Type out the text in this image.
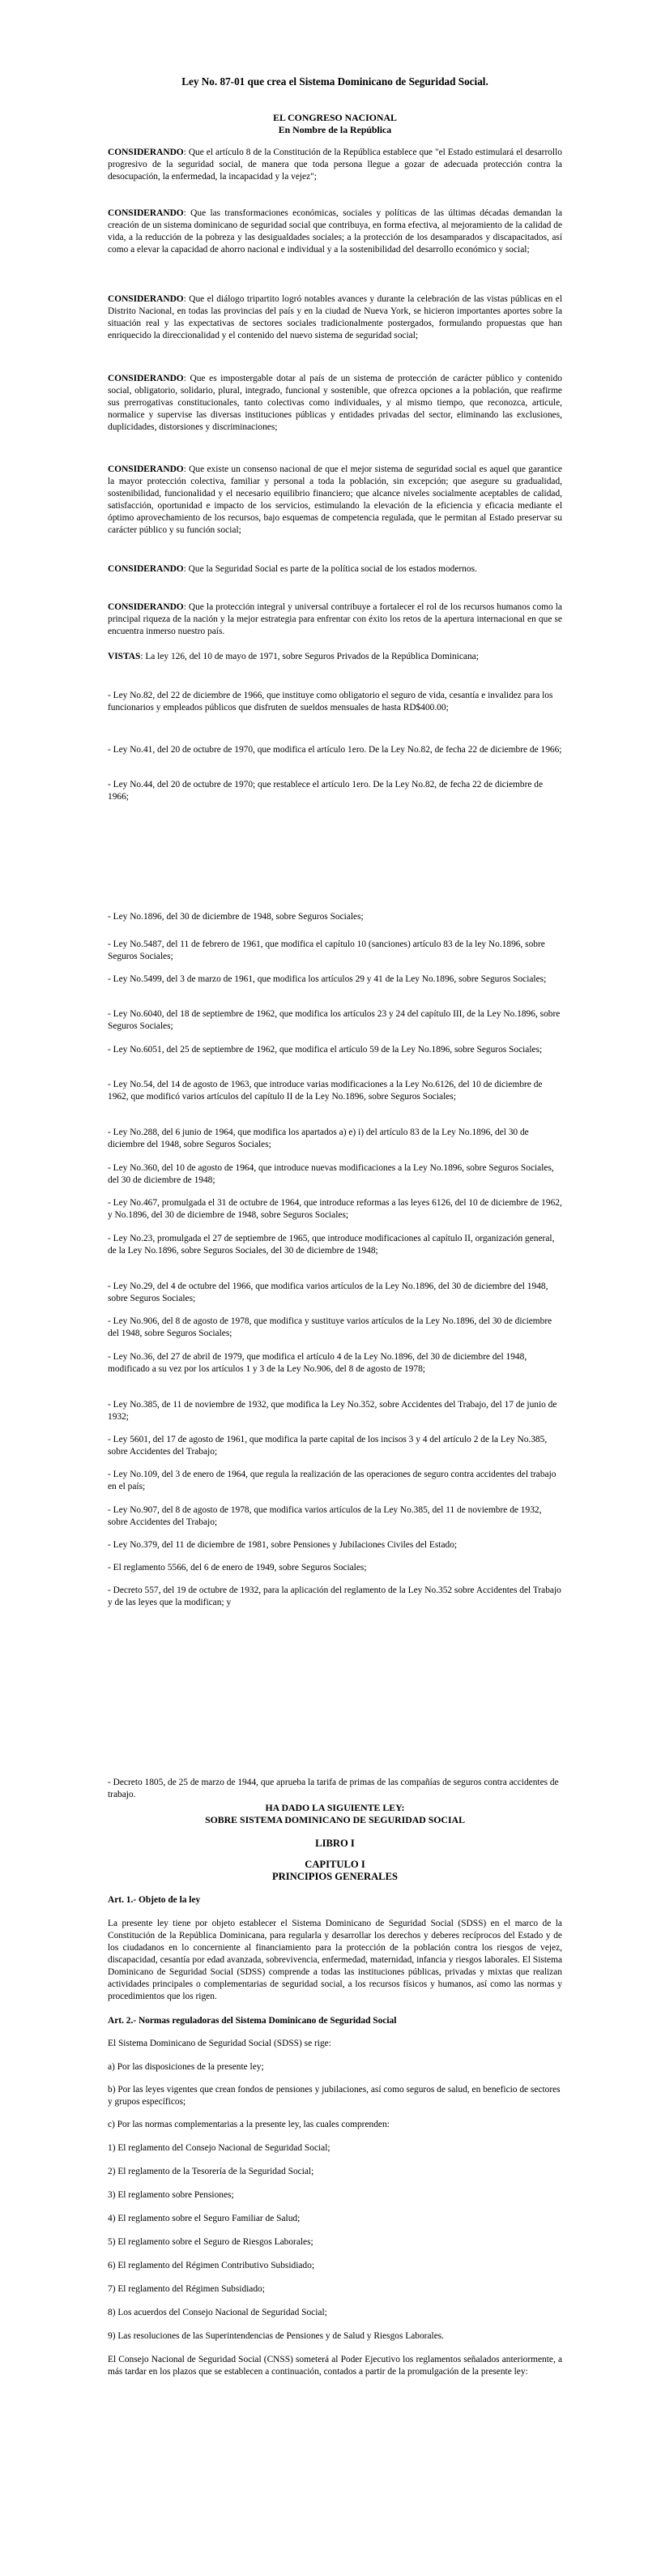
Ley No. 87-01 que crea el Sistema Dominicano de Seguridad Social.
EL CONGRESO NACIONAL
En Nombre de la República
CONSIDERANDO: Que el artículo 8 de la Constitución de la República establece que "el Estado estimulará el desarrollo progresivo de la seguridad social, de manera que toda persona llegue a gozar de adecuada protección contra la desocupación, la enfermedad, la incapacidad y la vejez";
CONSIDERANDO: Que las transformaciones económicas, sociales y políticas de las últimas décadas demandan la creación de un sistema dominicano de seguridad social que contribuya, en forma efectiva, al mejoramiento de la calidad de vida, a la reducción de la pobreza y las desigualdades sociales; a la protección de los desamparados y discapacitados, así como a elevar la capacidad de ahorro nacional e individual y a la sostenibilidad del desarrollo económico y social;
CONSIDERANDO: Que el diálogo tripartito logró notables avances y durante la celebración de las vistas públicas en el Distrito Nacional, en todas las provincias del país y en la ciudad de Nueva York, se hicieron importantes aportes sobre la situación real y las expectativas de sectores sociales tradicionalmente postergados, formulando propuestas que han enriquecido la direccionalidad y el contenido del nuevo sistema de seguridad social;
CONSIDERANDO: Que es impostergable dotar al país de un sistema de protección de carácter público y contenido social, obligatorio, solidario, plural, integrado, funcional y sostenible, que ofrezca opciones a la población, que reafirme sus prerrogativas constitucionales, tanto colectivas como individuales, y al mismo tiempo, que reconozca, articule, normalice y supervise las diversas instituciones públicas y entidades privadas del sector, eliminando las exclusiones, duplicidades, distorsiones y discriminaciones;
CONSIDERANDO: Que existe un consenso nacional de que el mejor sistema de seguridad social es aquel que garantice la mayor protección colectiva, familiar y personal a toda la población, sin excepción; que asegure su gradualidad, sostenibilidad, funcionalidad y el necesario equilibrio financiero; que alcance niveles socialmente aceptables de calidad, satisfacción, oportunidad e impacto de los servicios, estimulando la elevación de la eficiencia y eficacia mediante el óptimo aprovechamiento de los recursos, bajo esquemas de competencia regulada, que le permitan al Estado preservar su carácter público y su función social;
CONSIDERANDO: Que la Seguridad Social es parte de la política social de los estados modernos.
CONSIDERANDO: Que la protección integral y universal contribuye a fortalecer el rol de los recursos humanos como la principal riqueza de la nación y la mejor estrategia para enfrentar con éxito los retos de la apertura internacional en que se encuentra inmerso nuestro país.
VISTAS: La ley 126, del 10 de mayo de 1971, sobre Seguros Privados de la República Dominicana;
- Ley No.82, del 22 de diciembre de 1966, que instituye como obligatorio el seguro de vida, cesantía e invalidez para los funcionarios y empleados públicos que disfruten de sueldos mensuales de hasta RD$400.00;
- Ley No.41, del 20 de octubre de 1970, que modifica el artículo 1ero. De la Ley No.82, de fecha 22 de diciembre de 1966;
- Ley No.44, del 20 de octubre de 1970; que restablece el artículo 1ero. De la Ley No.82, de fecha 22 de diciembre de 1966;
- Ley No.1896, del 30 de diciembre de 1948, sobre Seguros Sociales;
- Ley No.5487, del 11 de febrero de 1961, que modifica el capítulo 10 (sanciones) artículo 83 de la ley No.1896, sobre Seguros Sociales;
- Ley No.5499, del 3 de marzo de 1961, que modifica los artículos 29 y 41 de la Ley No.1896, sobre Seguros Sociales;
- Ley No.6040, del 18 de septiembre de 1962, que modifica los artículos 23 y 24 del capítulo III, de la Ley No.1896, sobre Seguros Sociales;
- Ley No.6051, del 25 de septiembre de 1962, que modifica el artículo 59 de la Ley No.1896, sobre Seguros Sociales;
- Ley No.54, del 14 de agosto de 1963, que introduce varias modificaciones a la Ley No.6126, del 10 de diciembre de 1962, que modificó varios artículos del capítulo II de la Ley No.1896, sobre Seguros Sociales;
- Ley No.288, del 6 junio de 1964, que modifica los apartados a) e) i) del artículo 83 de la Ley No.1896, del 30 de diciembre del 1948, sobre Seguros Sociales;
- Ley No.360, del 10 de agosto de 1964, que introduce nuevas modificaciones a la Ley No.1896, sobre Seguros Sociales, del 30 de diciembre de 1948;
- Ley No.467, promulgada el 31 de octubre de 1964, que introduce reformas a las leyes 6126, del 10 de diciembre de 1962, y No.1896, del 30 de diciembre de 1948, sobre Seguros Sociales;
- Ley No.23, promulgada el 27 de septiembre de 1965, que introduce modificaciones al capítulo II, organización general, de la Ley No.1896, sobre Seguros Sociales, del 30 de diciembre de 1948;
- Ley No.29, del 4 de octubre del 1966, que modifica varios artículos de la Ley No.1896, del 30 de diciembre del 1948, sobre Seguros Sociales;
- Ley No.906, del 8 de agosto de 1978, que modifica y sustituye varios artículos de la Ley No.1896, del 30 de diciembre del 1948, sobre Seguros Sociales;
- Ley No.36, del 27 de abril de 1979, que modifica el artículo 4 de la Ley No.1896, del 30 de diciembre del 1948, modificado a su vez por los artículos 1 y 3 de la Ley No.906, del 8 de agosto de 1978;
- Ley No.385, de 11 de noviembre de 1932, que modifica la Ley No.352, sobre Accidentes del Trabajo, del 17 de junio de 1932;
- Ley 5601, del 17 de agosto de 1961, que modifica la parte capital de los incisos 3 y 4 del artículo 2 de la Ley No.385, sobre Accidentes del Trabajo;
- Ley No.109, del 3 de enero de 1964, que regula la realización de las operaciones de seguro contra accidentes del trabajo en el país;
- Ley No.907, del 8 de agosto de 1978, que modifica varios artículos de la Ley No.385, del 11 de noviembre de 1932, sobre Accidentes del Trabajo;
- Ley No.379, del 11 de diciembre de 1981, sobre Pensiones y Jubilaciones Civiles del Estado;
- El reglamento 5566, del 6 de enero de 1949, sobre Seguros Sociales;
- Decreto 557, del 19 de octubre de 1932, para la aplicación del reglamento de la Ley No.352 sobre Accidentes del Trabajo y de las leyes que la modifican; y
- Decreto 1805, de 25 de marzo de 1944, que aprueba la tarifa de primas de las compañías de seguros contra accidentes de trabajo.
HA DADO LA SIGUIENTE LEY:
SOBRE SISTEMA DOMINICANO DE SEGURIDAD SOCIAL
LIBRO I
CAPITULO I
PRINCIPIOS GENERALES
Art. 1.- Objeto de la ley
La presente ley tiene por objeto establecer el Sistema Dominicano de Seguridad Social (SDSS) en el marco de la Constitución de la República Dominicana, para regularla y desarrollar los derechos y deberes recíprocos del Estado y de los ciudadanos en lo concerniente al financiamiento para la protección de la población contra los riesgos de vejez, discapacidad, cesantía por edad avanzada, sobrevivencia, enfermedad, maternidad, infancia y riesgos laborales. El Sistema Dominicano de Seguridad Social (SDSS) comprende a todas las instituciones públicas, privadas y mixtas que realizan actividades principales o complementarias de seguridad social, a los recursos físicos y humanos, así como las normas y procedimientos que los rigen.
Art. 2.- Normas reguladoras del Sistema Dominicano de Seguridad Social
El Sistema Dominicano de Seguridad Social (SDSS) se rige:
a) Por las disposiciones de la presente ley;
b) Por las leyes vigentes que crean fondos de pensiones y jubilaciones, así como seguros de salud, en beneficio de sectores y grupos específicos;
c) Por las normas complementarias a la presente ley, las cuales comprenden:
1) El reglamento del Consejo Nacional de Seguridad Social;
2) El reglamento de la Tesorería de la Seguridad Social;
3) El reglamento sobre Pensiones;
4) El reglamento sobre el Seguro Familiar de Salud;
5) El reglamento sobre el Seguro de Riesgos Laborales;
6) El reglamento del Régimen Contributivo Subsidiado;
7) El reglamento del Régimen Subsidiado;
8) Los acuerdos del Consejo Nacional de Seguridad Social;
9) Las resoluciones de las Superintendencias de Pensiones y de Salud y Riesgos Laborales.
El Consejo Nacional de Seguridad Social (CNSS) someterá al Poder Ejecutivo los reglamentos señalados anteriormente, a más tardar en los plazos que se establecen a continuación, contados a partir de la promulgación de la presente ley:
